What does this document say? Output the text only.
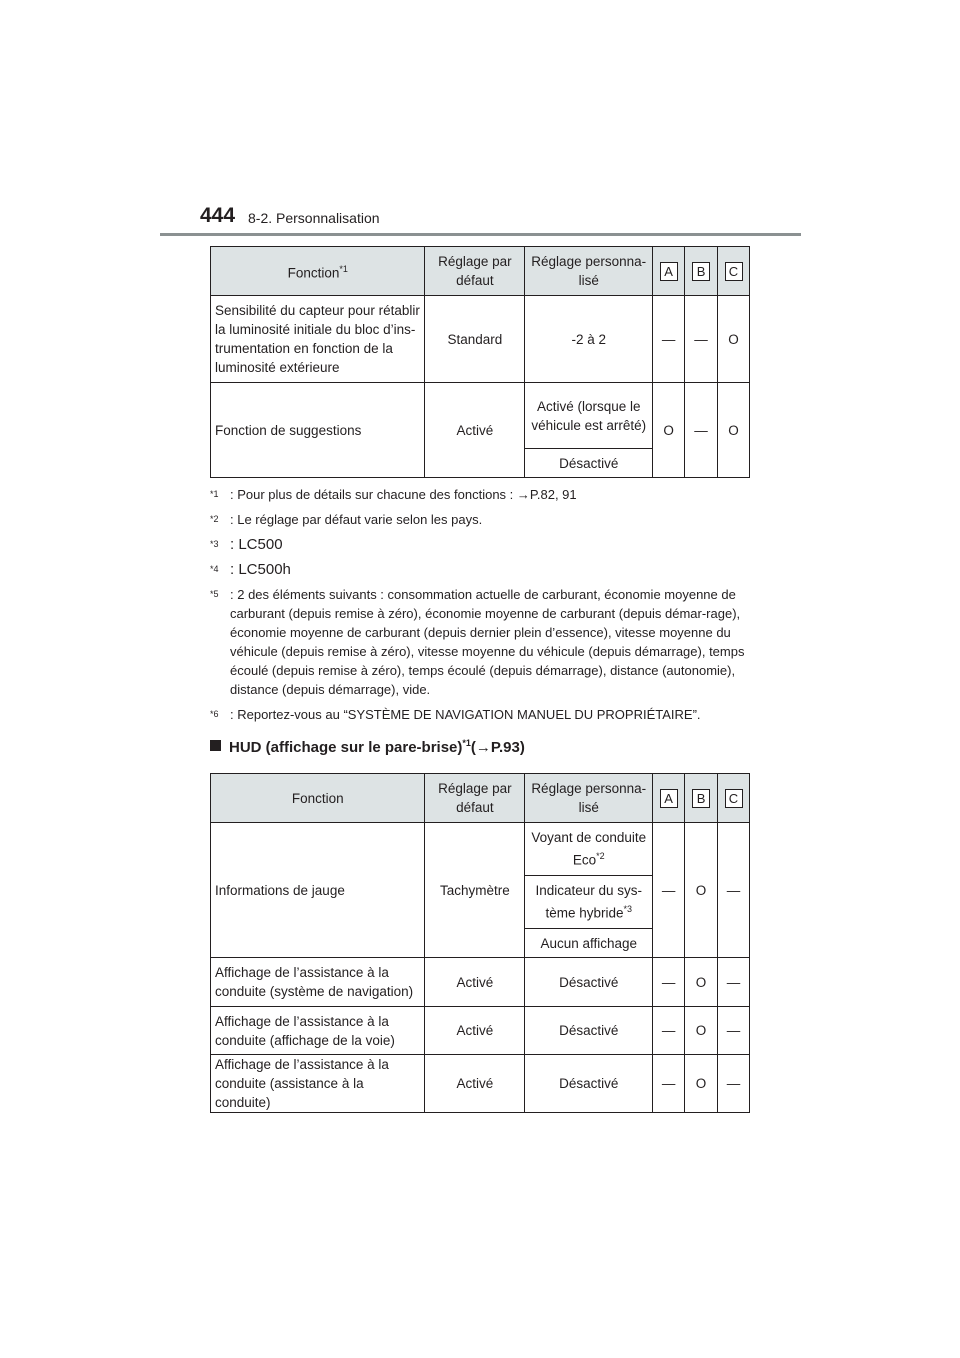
444 8-2. Personnalisation
Fonction$^{*1}$	Réglage par défaut	Réglage personna-lisé	A	B	C
Sensibilité du capteur pour rétablir la luminosité initiale du bloc d’ins-trumentation en fonction de la luminosité extérieure	Standard	-2 à 2	—	—	O
Fonction de suggestions	Activé	Activé (lorsque le véhicule est arrêté)	O	—	O
		Désactivé			

*1 : Pour plus de détails sur chacune des fonctions : →P.82, 91

*2 : Le réglage par défaut varie selon les pays.

*3 : LC500

*4 : LC500h

*5 : 2 des éléments suivants : consommation actuelle de carburant, économie moyenne de carburant (depuis remise à zéro), économie moyenne de carburant (depuis démar-rage), économie moyenne de carburant (depuis dernier plein d’essence), vitesse moyenne du véhicule (depuis remise à zéro), vitesse moyenne du véhicule (depuis démarrage), temps écoulé (depuis remise à zéro), temps écoulé (depuis démarrage), distance (autonomie), distance (depuis démarrage), vide.

*6 : Reportez-vous au “SYSTÈME DE NAVIGATION MANUEL DU PROPRIÉTAIRE”.

HUD (affichage sur le pare-brise)$^{*1}$(→P.93)
Fonction	Réglage par défaut	Réglage personna-lisé	A	B	C
Informations de jauge	Tachymètre	Voyant de conduite Eco$^{*2}$	—	O	—
		Indicateur du sys-tème hybride$^{*3}$
		Aucun affichage			
Affichage de l’assistance à la conduite (système de navigation)	Activé	Désactivé	—	O	—
Affichage de l’assistance à la conduite (affichage de la voie)	Activé	Désactivé	—	O	—
Affichage de l’assistance à la conduite (assistance à la conduite)	Activé	Désactivé	—	O	—
